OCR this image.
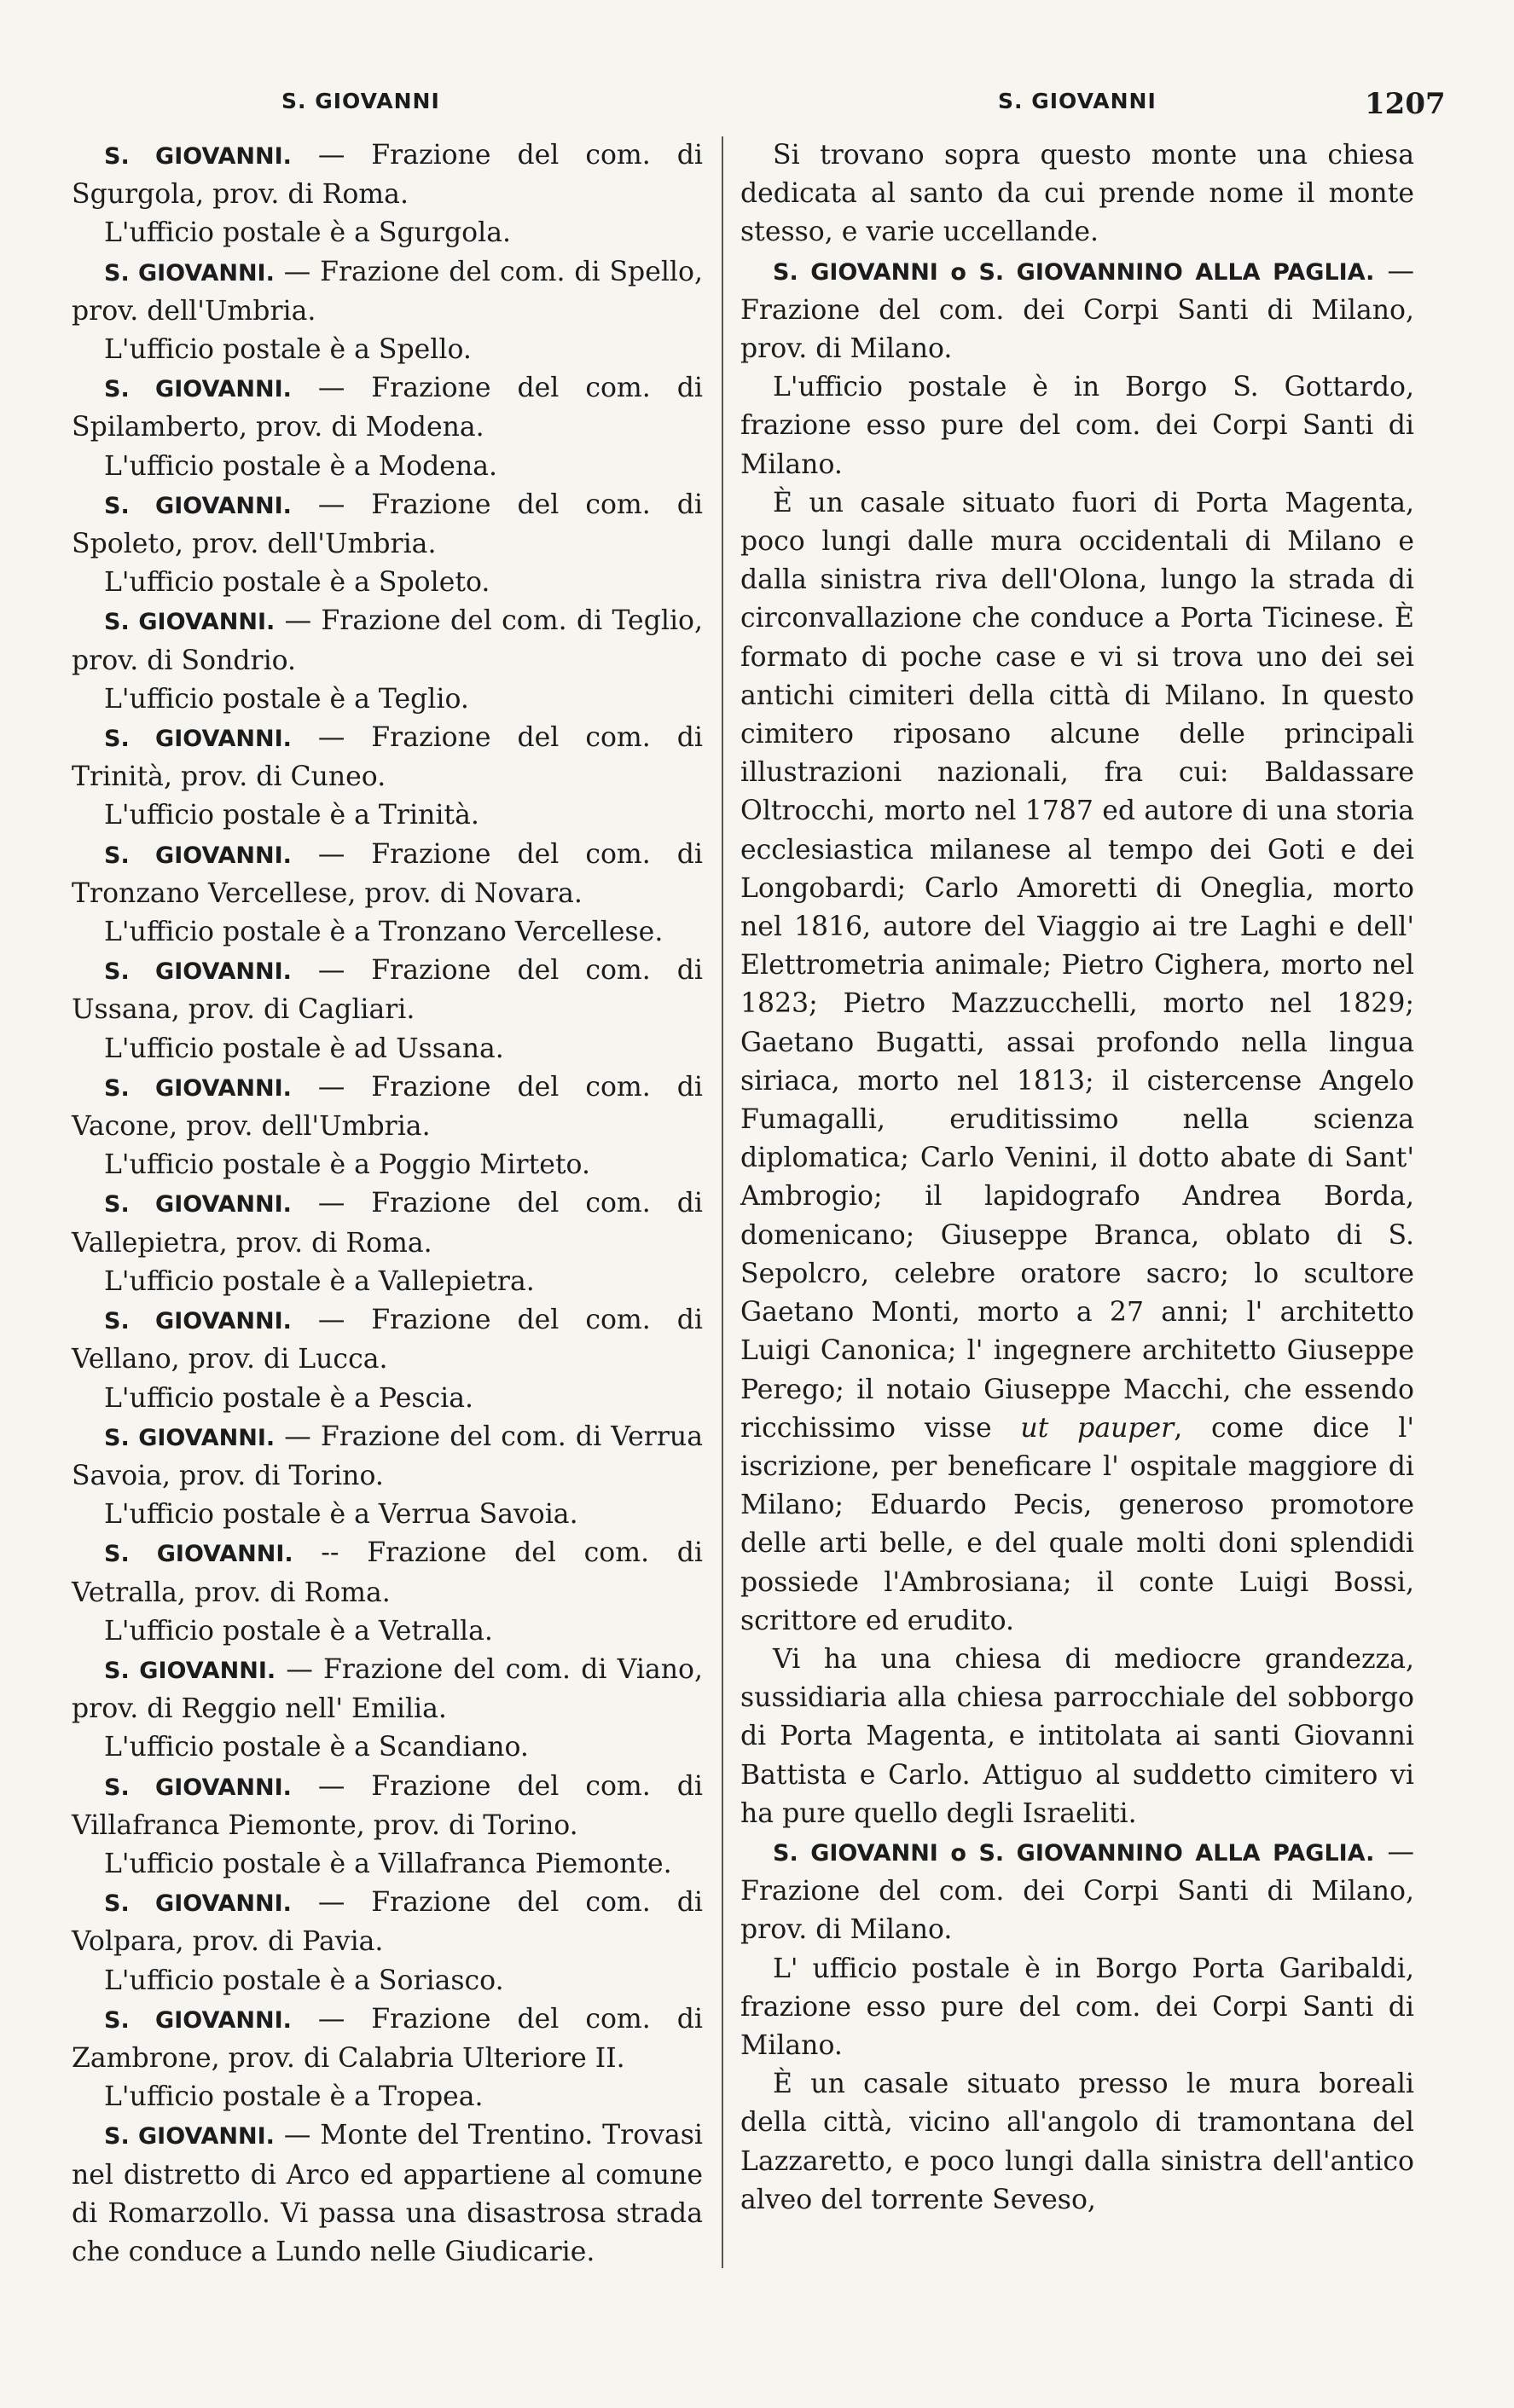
S. GIOVANNI	S. GIOVANNI	1207

S. GIOVANNI. — Frazione del com. di Sgurgola, prov. di Roma.

L'ufficio postale è a Sgurgola.

S. GIOVANNI. — Frazione del com. di Spello, prov. dell'Umbria.

L'ufficio postale è a Spello.

S. GIOVANNI. — Frazione del com. di Spilamberto, prov. di Modena.

L'ufficio postale è a Modena.

S. GIOVANNI. — Frazione del com. di Spoleto, prov. dell'Umbria.

L'ufficio postale è a Spoleto.

S. GIOVANNI. — Frazione del com. di Teglio, prov. di Sondrio.

L'ufficio postale è a Teglio.

S. GIOVANNI. — Frazione del com. di Trinità, prov. di Cuneo.

L'ufficio postale è a Trinità.

S. GIOVANNI. — Frazione del com. di Tronzano Vercellese, prov. di Novara.

L'ufficio postale è a Tronzano Vercellese.

S. GIOVANNI. — Frazione del com. di Ussana, prov. di Cagliari.

L'ufficio postale è ad Ussana.

S. GIOVANNI. — Frazione del com. di Vacone, prov. dell'Umbria.

L'ufficio postale è a Poggio Mirteto.

S. GIOVANNI. — Frazione del com. di Vallepietra, prov. di Roma.

L'ufficio postale è a Vallepietra.

S. GIOVANNI. — Frazione del com. di Vellano, prov. di Lucca.

L'ufficio postale è a Pescia.

S. GIOVANNI. — Frazione del com. di Verrua Savoia, prov. di Torino.

L'ufficio postale è a Verrua Savoia.

S. GIOVANNI. -- Frazione del com. di Vetralla, prov. di Roma.

L'ufficio postale è a Vetralla.

S. GIOVANNI. — Frazione del com. di Viano, prov. di Reggio nell' Emilia.

L'ufficio postale è a Scandiano.

S. GIOVANNI. — Frazione del com. di Villafranca Piemonte, prov. di Torino.

L'ufficio postale è a Villafranca Piemonte.

S. GIOVANNI. — Frazione del com. di Volpara, prov. di Pavia.

L'ufficio postale è a Soriasco.

S. GIOVANNI. — Frazione del com. di Zambrone, prov. di Calabria Ulteriore II.

L'ufficio postale è a Tropea.

S. GIOVANNI. — Monte del Trentino. Trovasi nel distretto di Arco ed appartiene al comune di Romarzollo. Vi passa una disastrosa strada che conduce a Lundo nelle Giudicarie.

Si trovano sopra questo monte una chiesa dedicata al santo da cui prende nome il monte stesso, e varie uccellande.

S. GIOVANNI o S. GIOVANNINO ALLA PAGLIA. — Frazione del com. dei Corpi Santi di Milano, prov. di Milano.

L'ufficio postale è in Borgo S. Gottardo, frazione esso pure del com. dei Corpi Santi di Milano.

È un casale situato fuori di Porta Magenta, poco lungi dalle mura occidentali di Milano e dalla sinistra riva dell'Olona, lungo la strada di circonvallazione che conduce a Porta Ticinese. È formato di poche case e vi si trova uno dei sei antichi cimiteri della città di Milano. In questo cimitero riposano alcune delle principali illustrazioni nazionali, fra cui: Baldassare Oltrocchi, morto nel 1787 ed autore di una storia ecclesiastica milanese al tempo dei Goti e dei Longobardi; Carlo Amoretti di Oneglia, morto nel 1816, autore del Viaggio ai tre Laghi e dell' Elettrometria animale; Pietro Cighera, morto nel 1823; Pietro Mazzucchelli, morto nel 1829; Gaetano Bugatti, assai profondo nella lingua siriaca, morto nel 1813; il cistercense Angelo Fumagalli, eruditissimo nella scienza diplomatica; Carlo Venini, il dotto abate di Sant' Ambrogio; il lapidografo Andrea Borda, domenicano; Giuseppe Branca, oblato di S. Sepolcro, celebre oratore sacro; lo scultore Gaetano Monti, morto a 27 anni; l' architetto Luigi Canonica; l' ingegnere architetto Giuseppe Perego; il notaio Giuseppe Macchi, che essendo ricchissimo visse ut pauper, come dice l' iscrizione, per beneficare l' ospitale maggiore di Milano; Eduardo Pecis, generoso promotore delle arti belle, e del quale molti doni splendidi possiede l'Ambrosiana; il conte Luigi Bossi, scrittore ed erudito.

Vi ha una chiesa di mediocre grandezza, sussidiaria alla chiesa parrocchiale del sobborgo di Porta Magenta, e intitolata ai santi Giovanni Battista e Carlo. Attiguo al suddetto cimitero vi ha pure quello degli Israeliti.

S. GIOVANNI o S. GIOVANNINO ALLA PAGLIA. — Frazione del com. dei Corpi Santi di Milano, prov. di Milano.

L' ufficio postale è in Borgo Porta Garibaldi, frazione esso pure del com. dei Corpi Santi di Milano.

È un casale situato presso le mura boreali della città, vicino all'angolo di tramontana del Lazzaretto, e poco lungi dalla sinistra dell'antico alveo del torrente Seveso,
